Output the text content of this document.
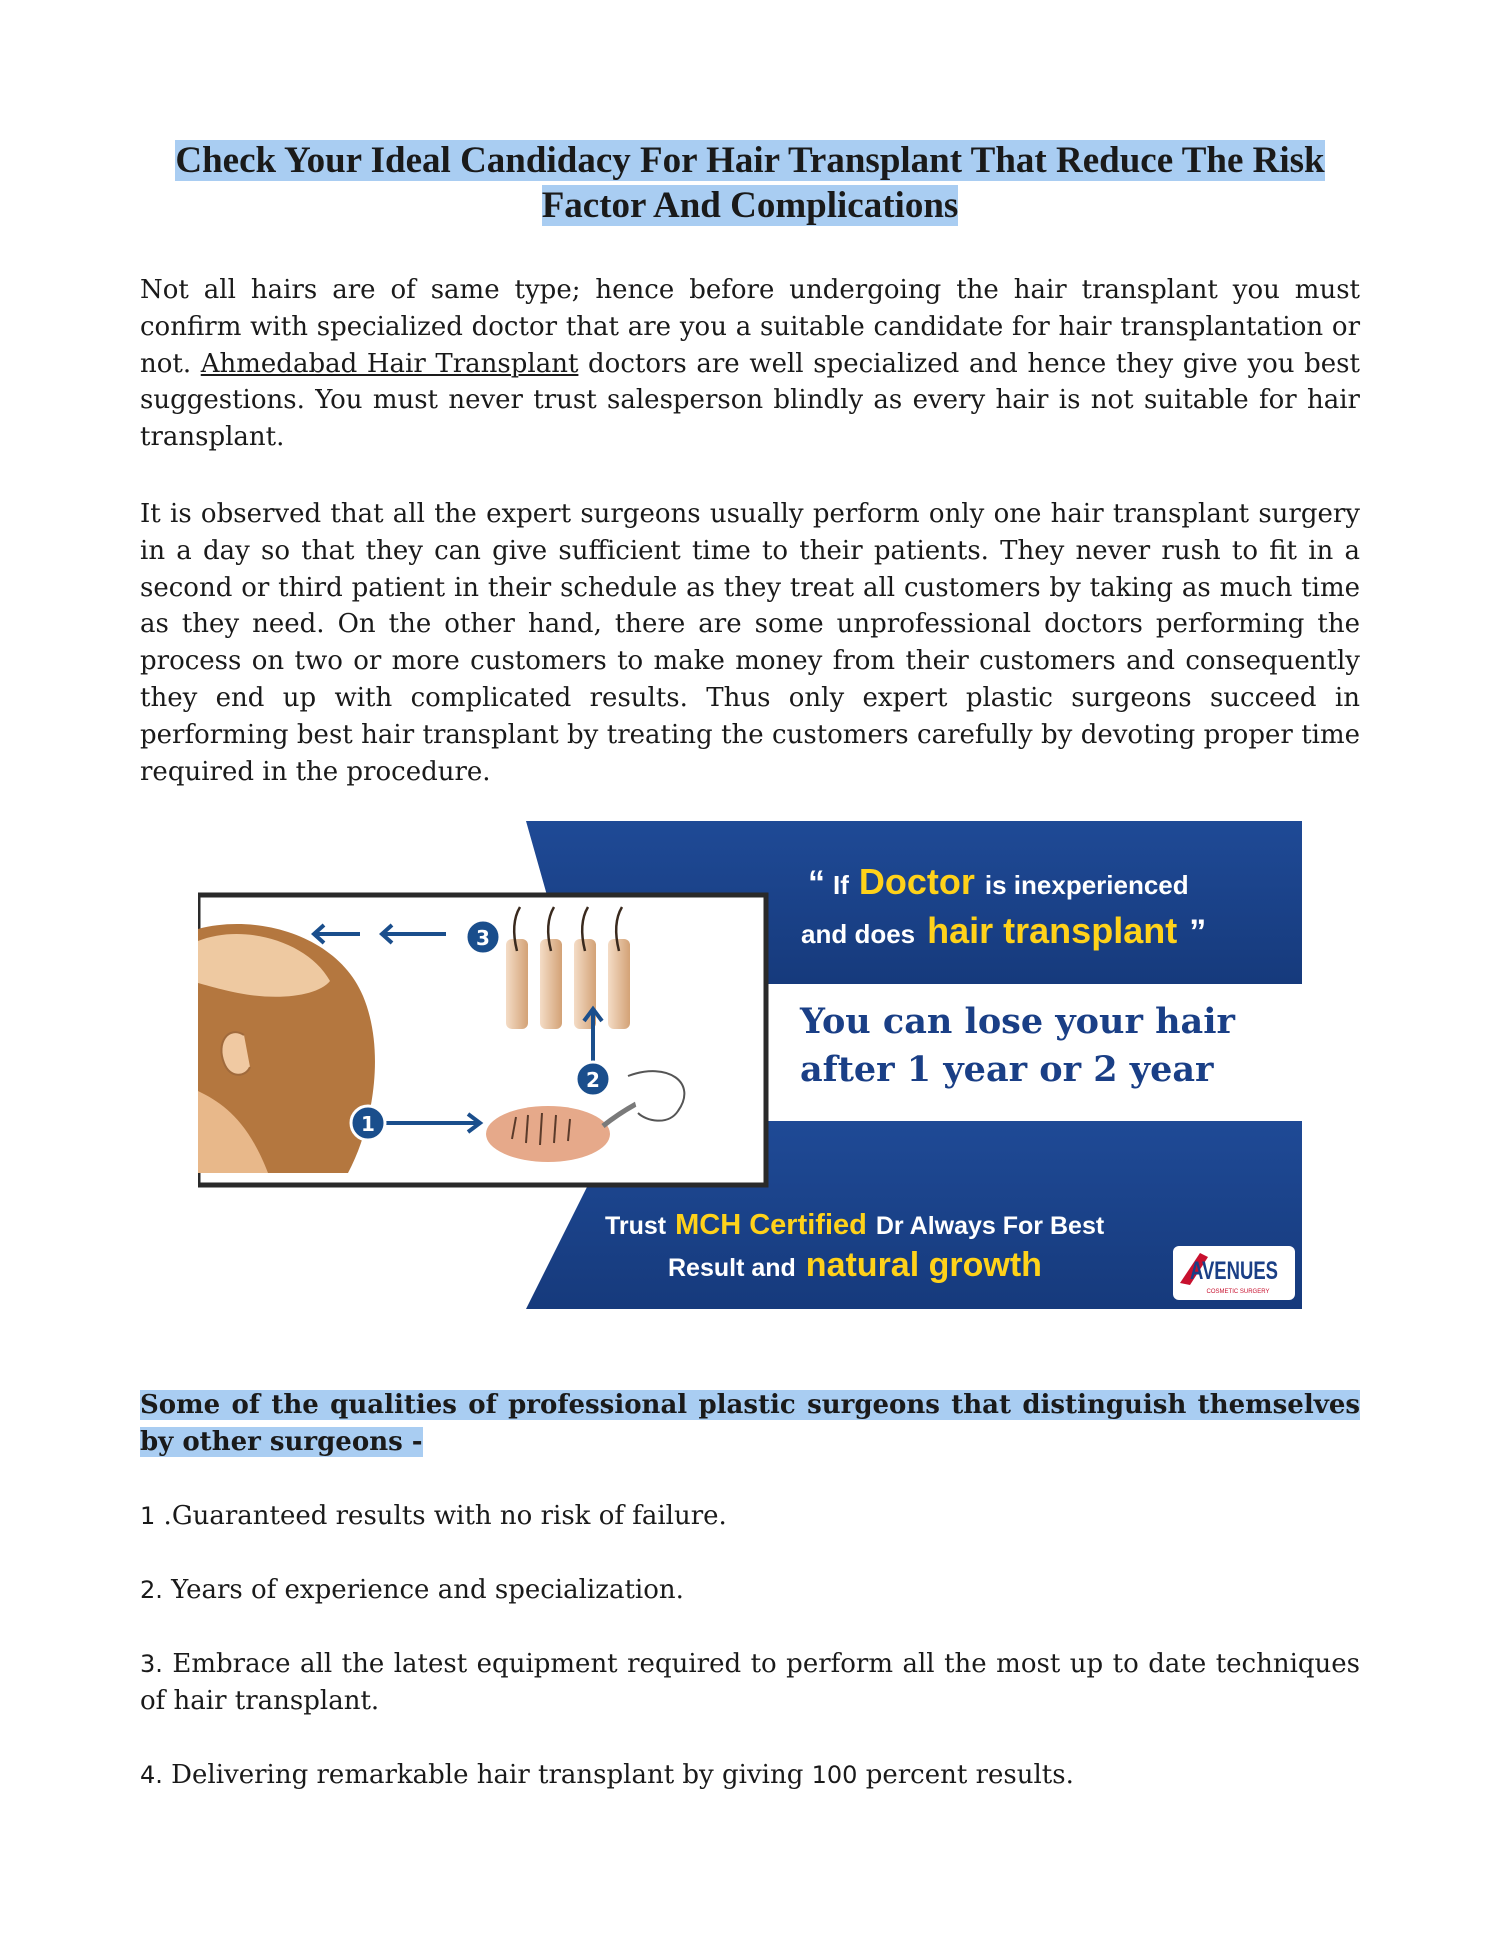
Check Your Ideal Candidacy For Hair Transplant That Reduce The Risk Factor And Complications

Not all hairs are of same type; hence before undergoing the hair transplant you must confirm with specialized doctor that are you a suitable candidate for hair transplantation or not. Ahmedabad Hair Transplant doctors are well specialized and hence they give you best suggestions. You must never trust salesperson blindly as every hair is not suitable for hair transplant.

It is observed that all the expert surgeons usually perform only one hair transplant surgery in a day so that they can give sufficient time to their patients. They never rush to fit in a second or third patient in their schedule as they treat all customers by taking as much time as they need. On the other hand, there are some unprofessional doctors performing the process on two or more customers to make money from their customers and consequently they end up with complicated results. Thus only expert plastic surgeons succeed in performing best hair transplant by treating the customers carefully by devoting proper time required in the procedure.

3
2
1
“ If Doctor is inexperienced
and does hair transplant ”
You can lose your hair
after 1 year or 2 year
Trust MCH Certified Dr Always For Best
Result and natural growth	AVENUES
COSMETIC SURGERY

Some of the qualities of professional plastic surgeons that distinguish themselves by other surgeons -

1 .Guaranteed results with no risk of failure.

2. Years of experience and specialization.

3. Embrace all the latest equipment required to perform all the most up to date techniques of hair transplant.

4. Delivering remarkable hair transplant by giving 100 percent results.
